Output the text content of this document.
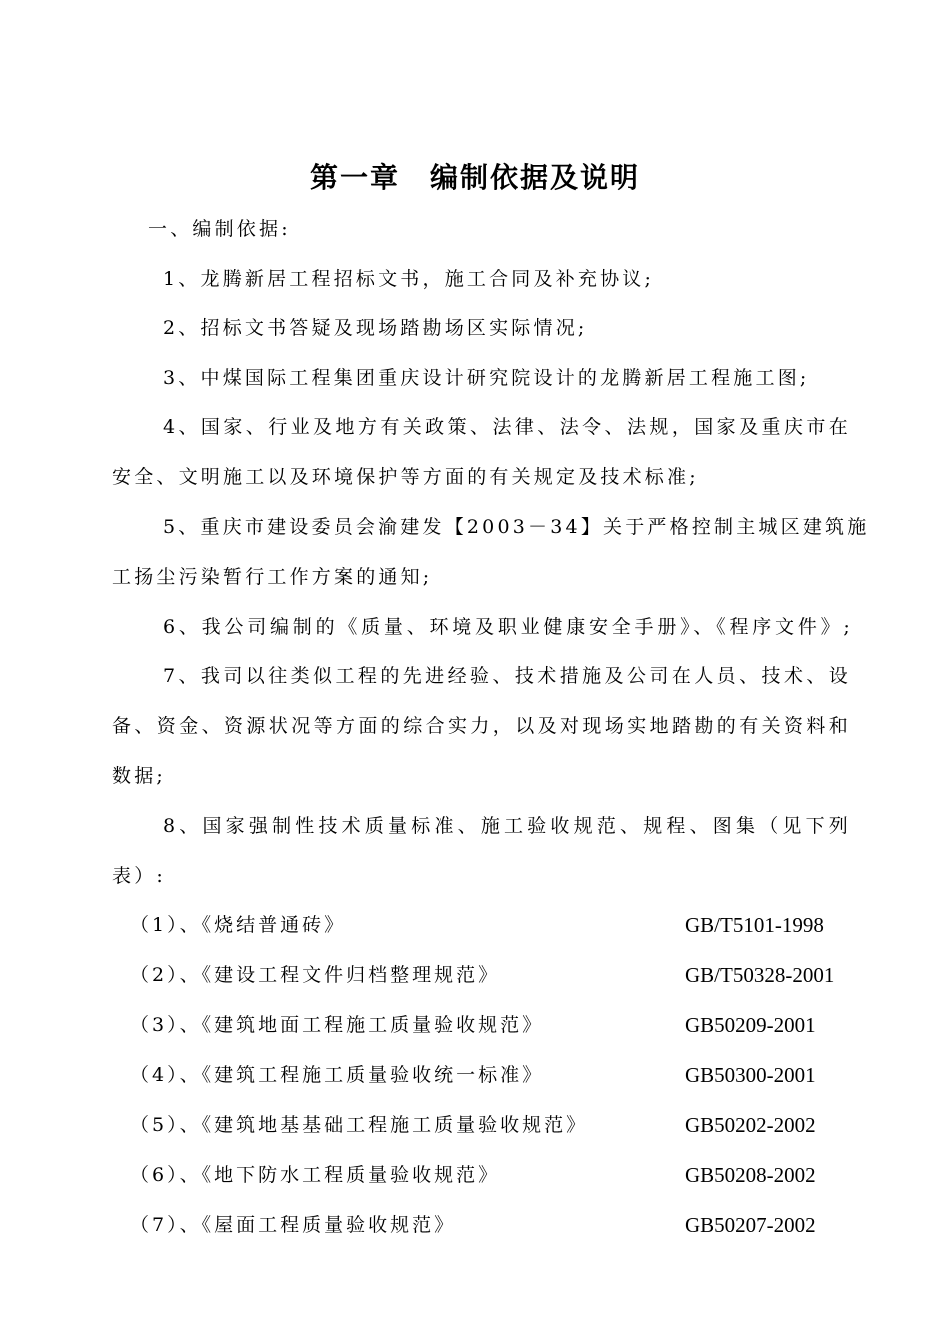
第一章　编制依据及说明
一、编制依据:
1、龙腾新居工程招标文书，施工合同及补充协议;
2、招标文书答疑及现场踏勘场区实际情况;
3、中煤国际工程集团重庆设计研究院设计的龙腾新居工程施工图;
4、国家、行业及地方有关政策、法律、法令、法规，国家及重庆市在
安全、文明施工以及环境保护等方面的有关规定及技术标准;
5、重庆市建设委员会渝建发【2003－34】关于严格控制主城区建筑施
工扬尘污染暂行工作方案的通知;
6、我公司编制的《质量、环境及职业健康安全手册》、《程序文件》;
7、我司以往类似工程的先进经验、技术措施及公司在人员、技术、设
备、资金、资源状况等方面的综合实力，以及对现场实地踏勘的有关资料和
数据;
8、国家强制性技术质量标准、施工验收规范、规程、图集（见下列
表）:
（1）、《烧结普通砖》	GB/T5101-1998
（2）、《建设工程文件归档整理规范》	GB/T50328-2001
（3）、《建筑地面工程施工质量验收规范》	GB50209-2001
（4）、《建筑工程施工质量验收统一标准》	GB50300-2001
（5）、《建筑地基基础工程施工质量验收规范》	GB50202-2002
（6）、《地下防水工程质量验收规范》	GB50208-2002
（7）、《屋面工程质量验收规范》	GB50207-2002
